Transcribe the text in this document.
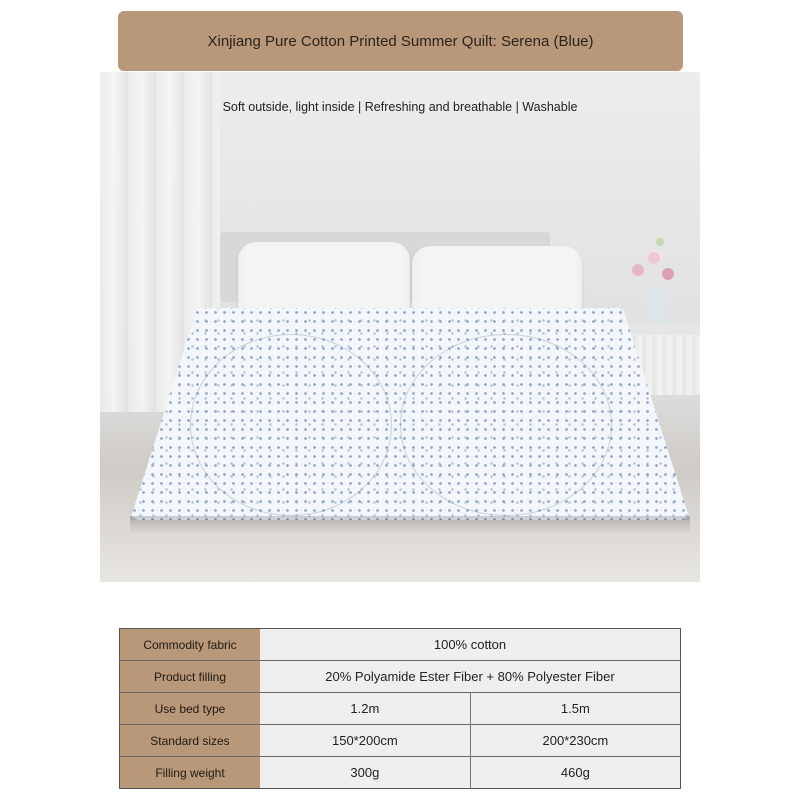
Xinjiang Pure Cotton Printed Summer Quilt: Serena (Blue)
Soft outside, light inside | Refreshing and breathable | Washable
Commodity fabric	100% cotton	
Product filling	20% Polyamide Ester Fiber + 80% Polyester Fiber	
Use bed type	1.2m	1.5m
Standard sizes	150*200cm	200*230cm
Filling weight	300g	460g
